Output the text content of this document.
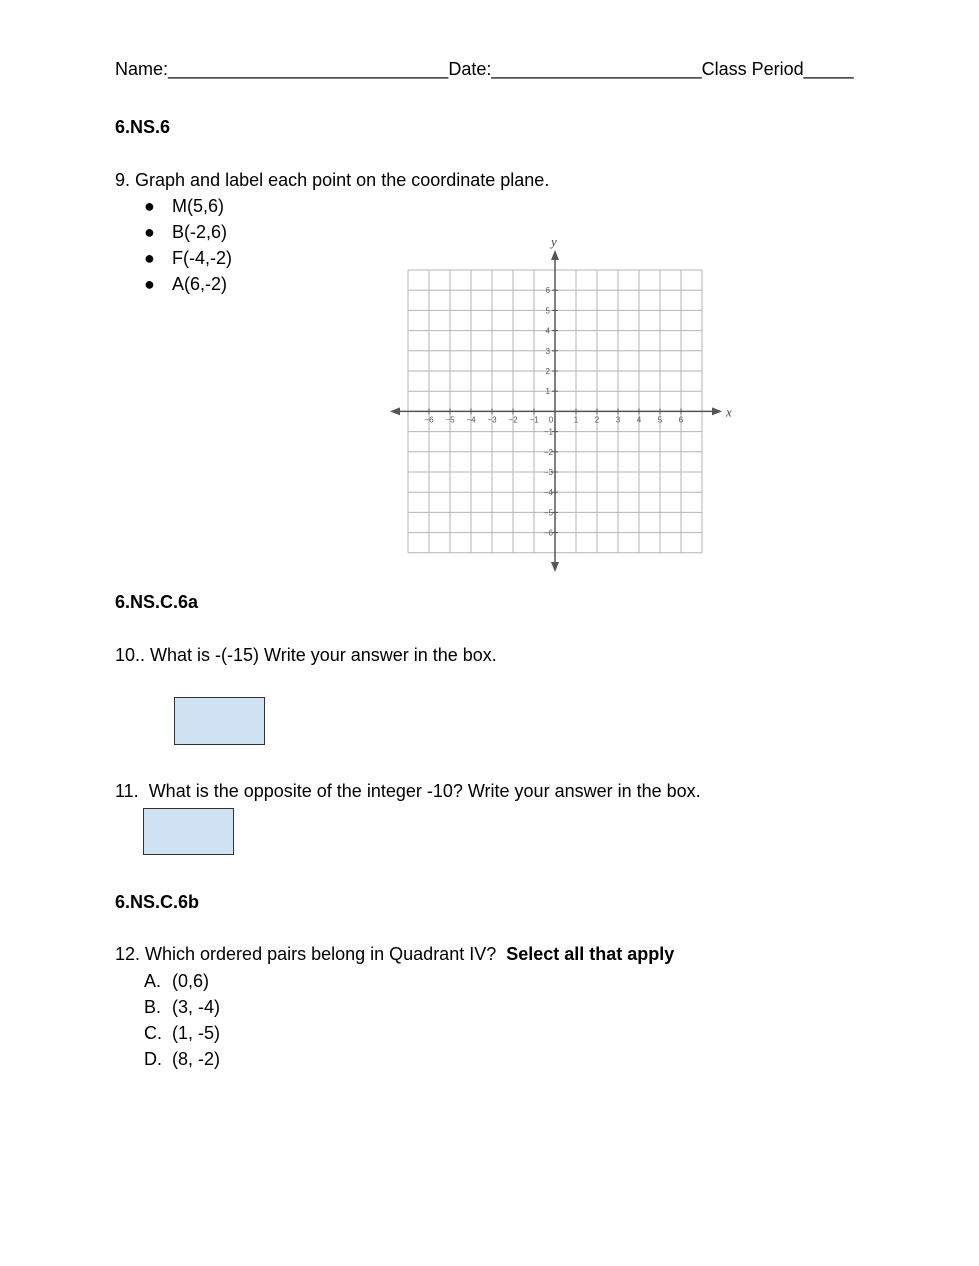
Name:____________________________Date:_____________________Class Period_____
6.NS.6
9. Graph and label each point on the coordinate plane.
● M(5,6)
● B(-2,6)
● F(-4,-2)
● A(6,-2)
x
y
−6 −5 −4 −3 −2 −1	1 2 3 4 5 6
0
6
5
4
3
2
1
−1
−2
−3
−4
−5
−6
6.NS.C.6a
10.. What is -(-15) Write your answer in the box.
11.  What is the opposite of the integer -10? Write your answer in the box.
6.NS.C.6b
12. Which ordered pairs belong in Quadrant IV?  Select all that apply
A. (0,6)
B. (3, -4)
C. (1, -5)
D. (8, -2)
